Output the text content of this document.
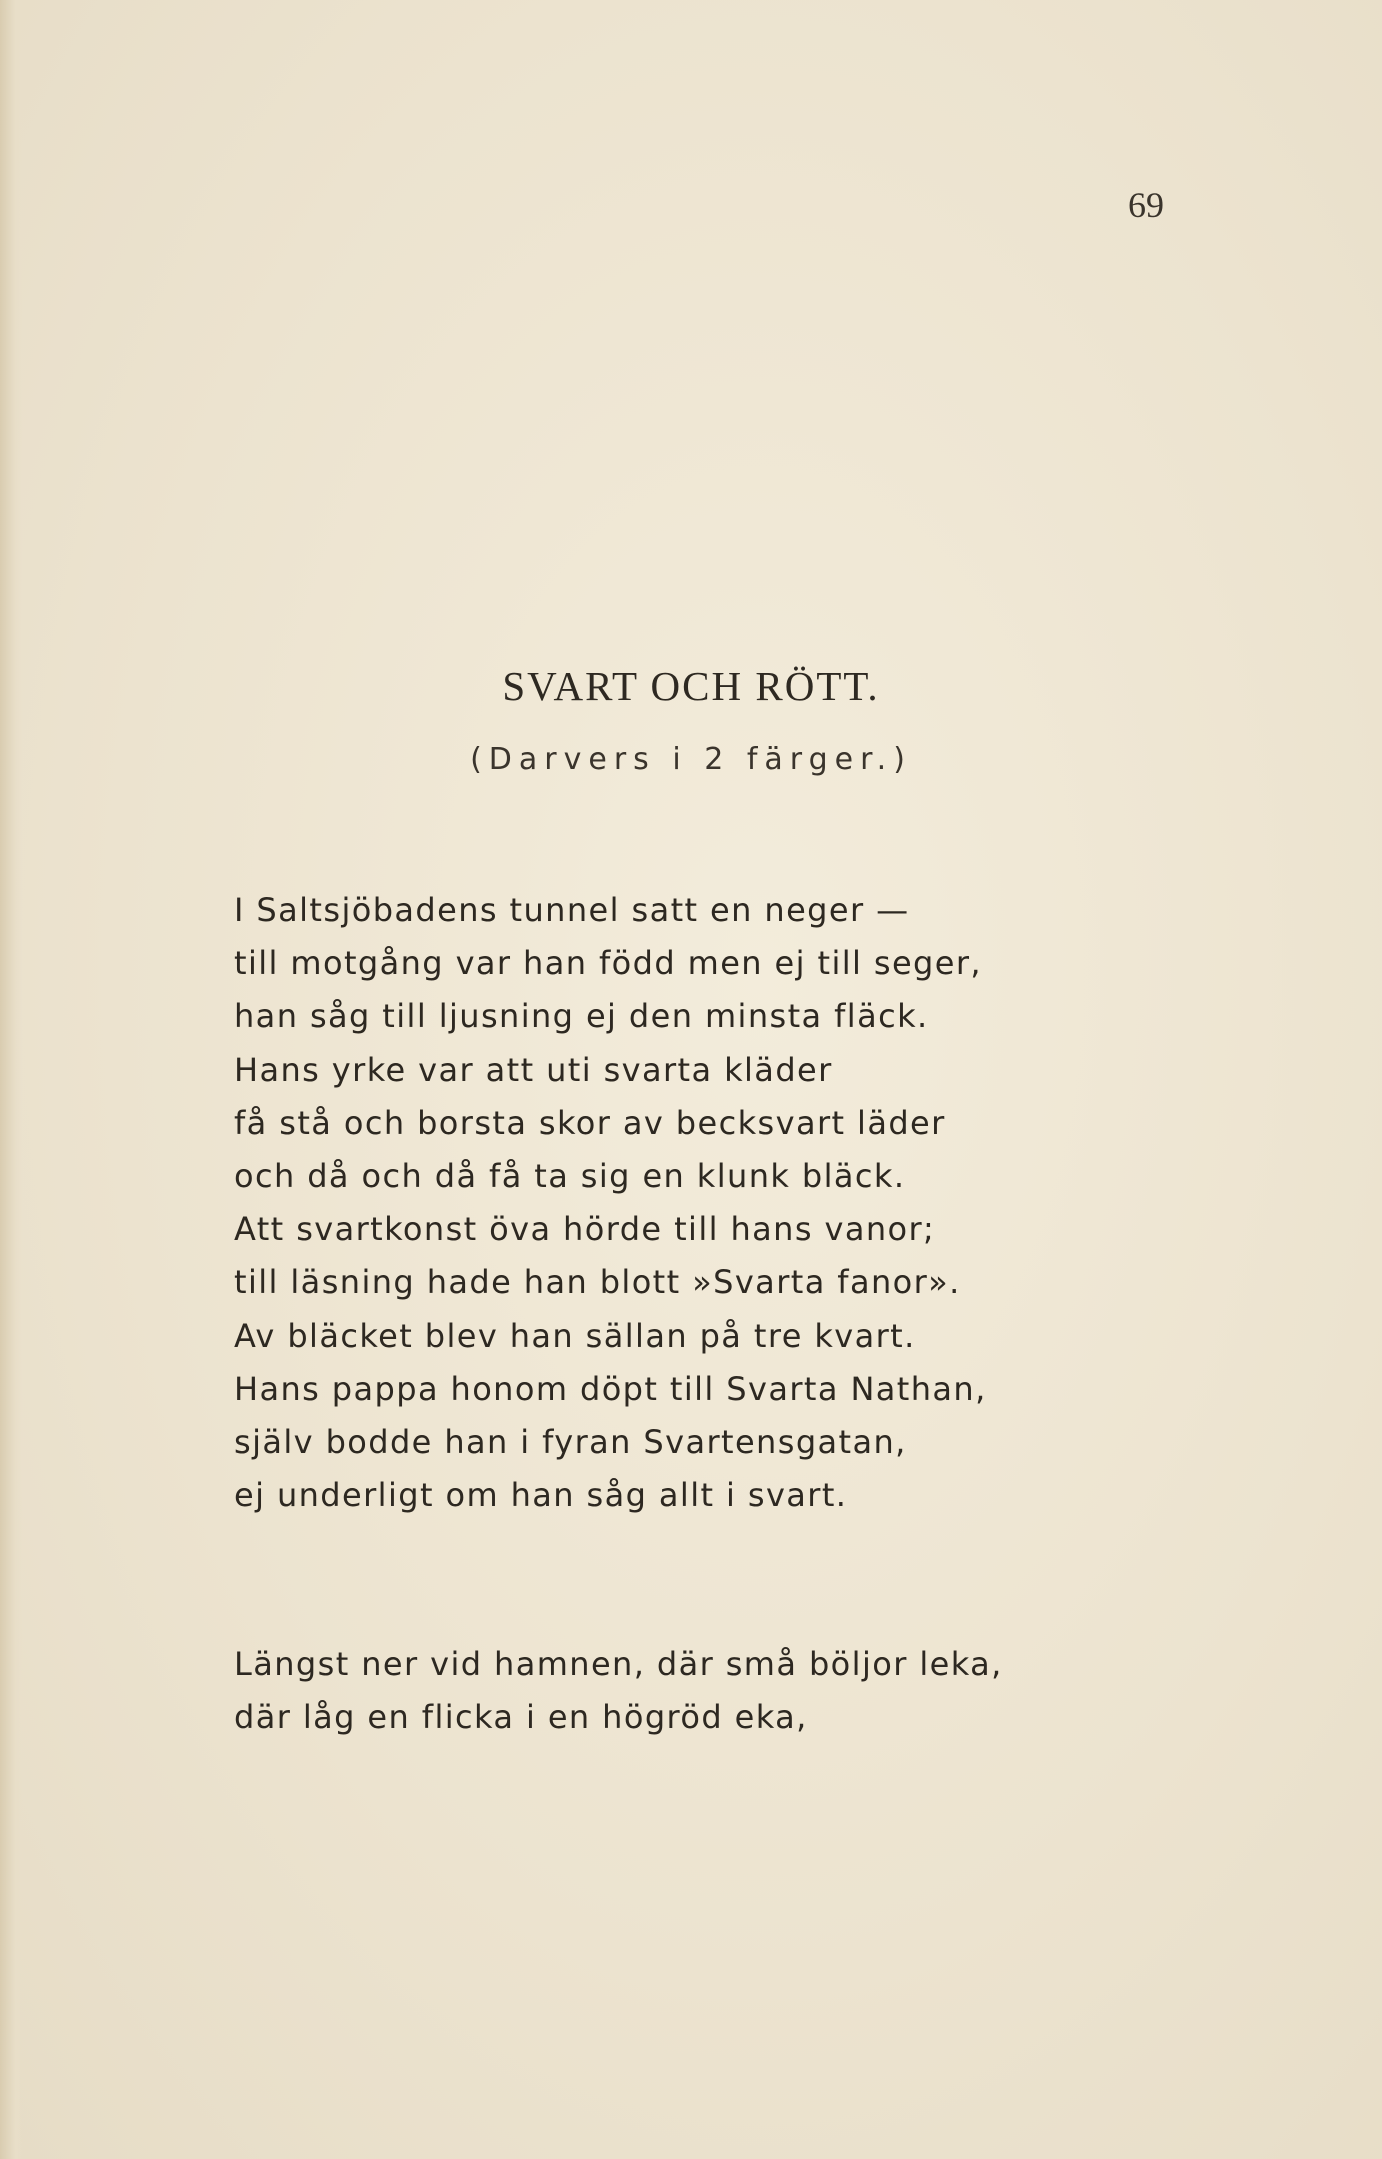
69
SVART OCH RÖTT.
(Darvers i 2 färger.)
I Saltsjöbadens tunnel satt en neger —
till motgång var han född men ej till seger,
han såg till ljusning ej den minsta fläck.
Hans yrke var att uti svarta kläder
få stå och borsta skor av becksvart läder
och då och då få ta sig en klunk bläck.
Att svartkonst öva hörde till hans vanor;
till läsning hade han blott »Svarta fanor».
Av bläcket blev han sällan på tre kvart.
Hans pappa honom döpt till Svarta Nathan,
själv bodde han i fyran Svartensgatan,
ej underligt om han såg allt i svart.
Längst ner vid hamnen, där små böljor leka,
där låg en flicka i en högröd eka,
